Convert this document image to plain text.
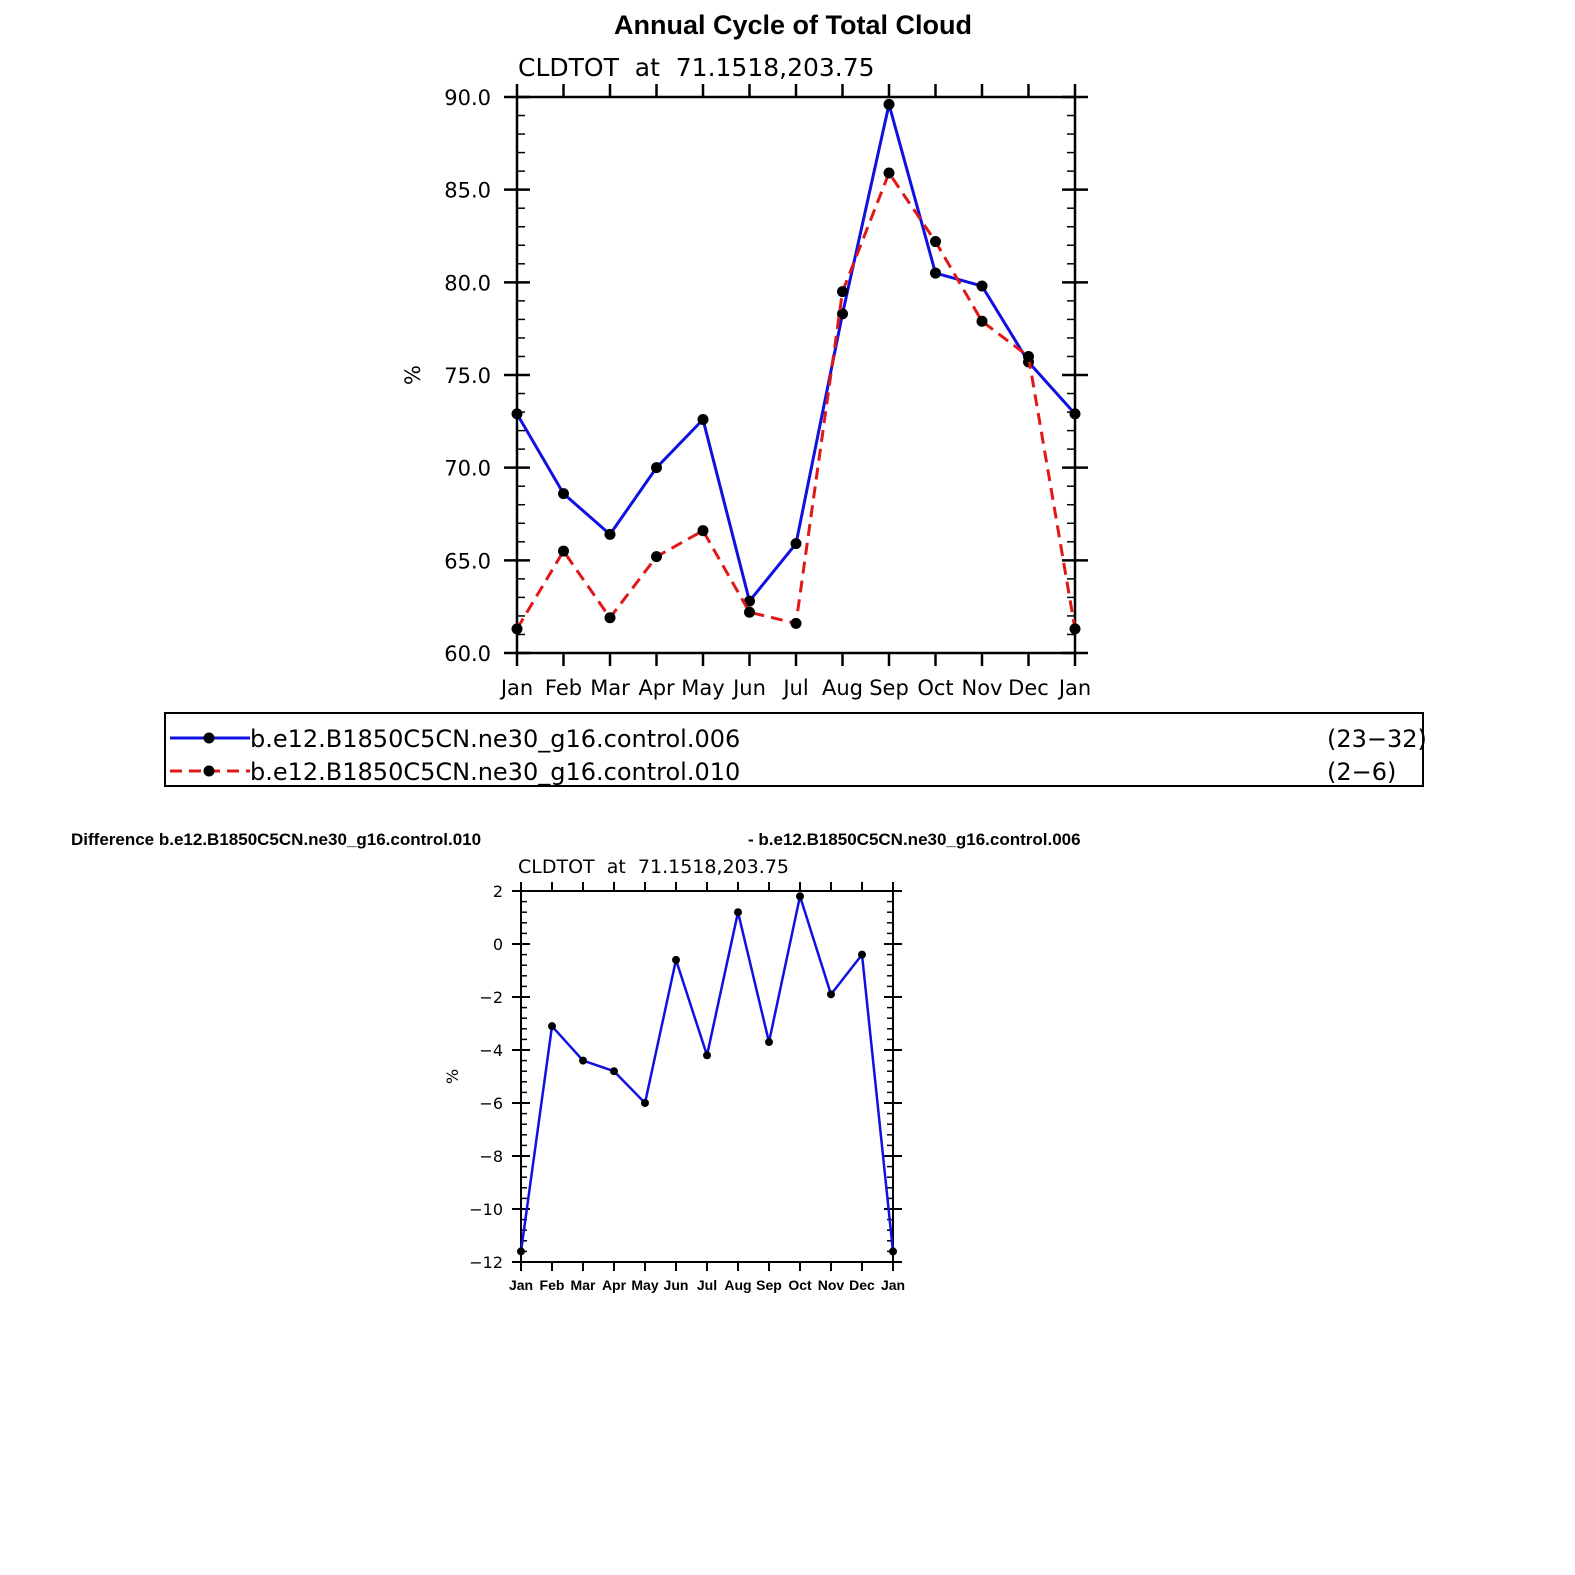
Annual Cycle of Total Cloud
CLDTOT  at  71.1518,203.75
Jan Feb Mar Apr May Jun Jul Aug Sep Oct Nov Dec Jan
60.0
65.0
70.0
75.0
80.0
85.0
90.0
%
b.e12.B1850C5CN.ne30_g16.control.006	(23−32)
b.e12.B1850C5CN.ne30_g16.control.010	(2−6)
Difference b.e12.B1850C5CN.ne30_g16.control.010	- b.e12.B1850C5CN.ne30_g16.control.006
CLDTOT  at  71.1518,203.75
Jan Feb Mar Apr May Jun Jul Aug Sep Oct Nov Dec Jan
−12
−10
−8
−6
−4
−2
0
2
%
